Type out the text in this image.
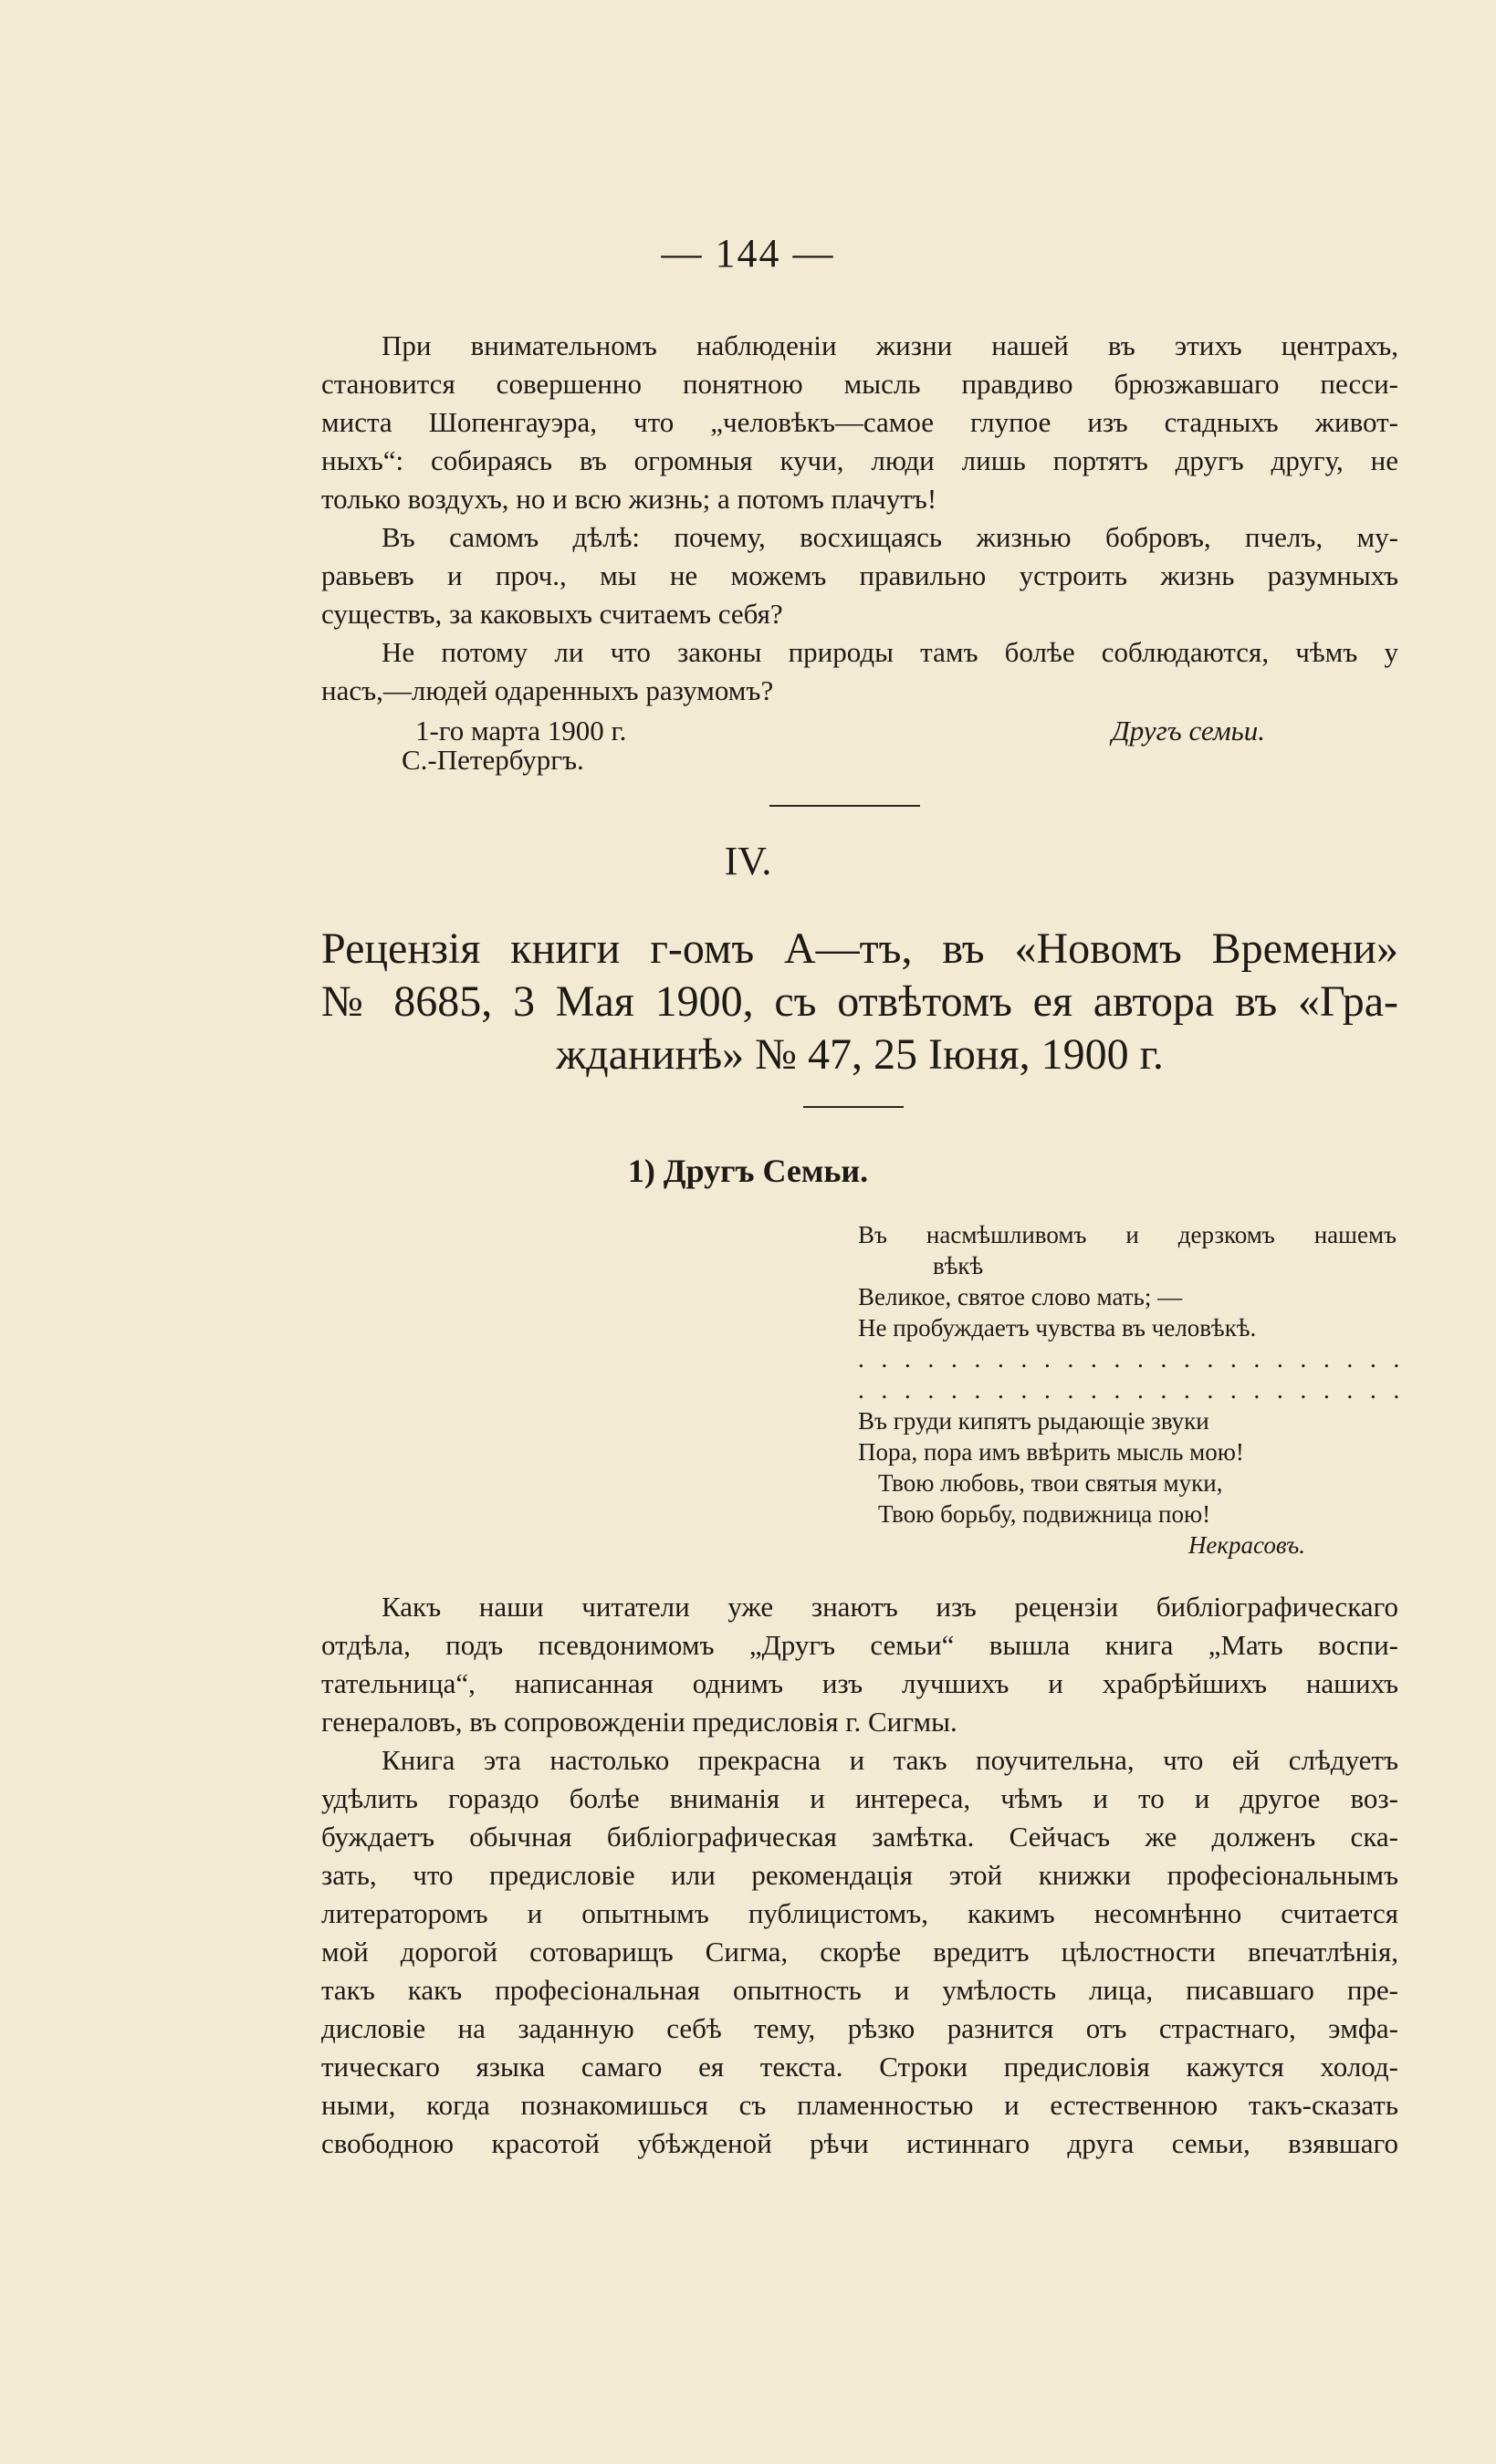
— 144 —
При внимательномъ наблюденіи жизни нашей въ этихъ центрахъ,
становится совершенно понятною мысль правдиво брюзжавшаго песси-
миста Шопенгауэра, что „человѣкъ—самое глупое изъ стадныхъ живот-
ныхъ“: собираясь въ огромныя кучи, люди лишь портятъ другъ другу, не
только воздухъ, но и всю жизнь; а потомъ плачутъ!
Въ самомъ дѣлѣ: почему, восхищаясь жизнью бобровъ, пчелъ, му-
равьевъ и проч., мы не можемъ правильно устроить жизнь разумныхъ
существъ, за каковыхъ считаемъ себя?
Не потому ли что законы природы тамъ болѣе соблюдаются, чѣмъ у
насъ,—людей одаренныхъ разумомъ?
1-го марта 1900 г.
С.-Петербургъ.
Другъ семьи.
IV.
Рецензія книги г-омъ А—тъ, въ «Новомъ Времени»
№ 8685, 3 Мая 1900, съ отвѣтомъ ея автора въ «Гра-
жданинѣ» № 47, 25 Іюня, 1900 г.
1) Другъ Семьи.
Въ насмѣшливомъ и дерзкомъ нашемъ
вѣкѣ
Великое, святое слово мать; —
Не пробуждаетъ чувства въ человѣкѣ.
. . . . . . . . . . . . . . . . . . . . . . . .
. . . . . . . . . . . . . . . . . . . . . . . .
Въ груди кипятъ рыдающіе звуки
Пора, пора имъ ввѣрить мысль мою!
Твою любовь, твои святыя муки,
Твою борьбу, подвижница пою!
Некрасовъ.
Какъ наши читатели уже знаютъ изъ рецензіи библіографическаго
отдѣла, подъ псевдонимомъ „Другъ семьи“ вышла книга „Мать воспи-
тательница“, написанная однимъ изъ лучшихъ и храбрѣйшихъ нашихъ
генераловъ, въ сопровожденіи предисловія г. Сигмы.
Книга эта настолько прекрасна и такъ поучительна, что ей слѣдуетъ
удѣлить гораздо болѣе вниманія и интереса, чѣмъ и то и другое воз-
буждаетъ обычная библіографическая замѣтка. Сейчасъ же долженъ ска-
зать, что предисловіе или рекомендація этой книжки професіональнымъ
литераторомъ и опытнымъ публицистомъ, какимъ несомнѣнно считается
мой дорогой сотоварищъ Сигма, скорѣе вредитъ цѣлостности впечатлѣнія,
такъ какъ професіональная опытность и умѣлость лица, писавшаго пре-
дисловіе на заданную себѣ тему, рѣзко разнится отъ страстнаго, эмфа-
тическаго языка самаго ея текста. Строки предисловія кажутся холод-
ными, когда познакомишься съ пламенностью и естественною такъ-сказать
свободною красотой убѣжденой рѣчи истиннаго друга семьи, взявшаго
